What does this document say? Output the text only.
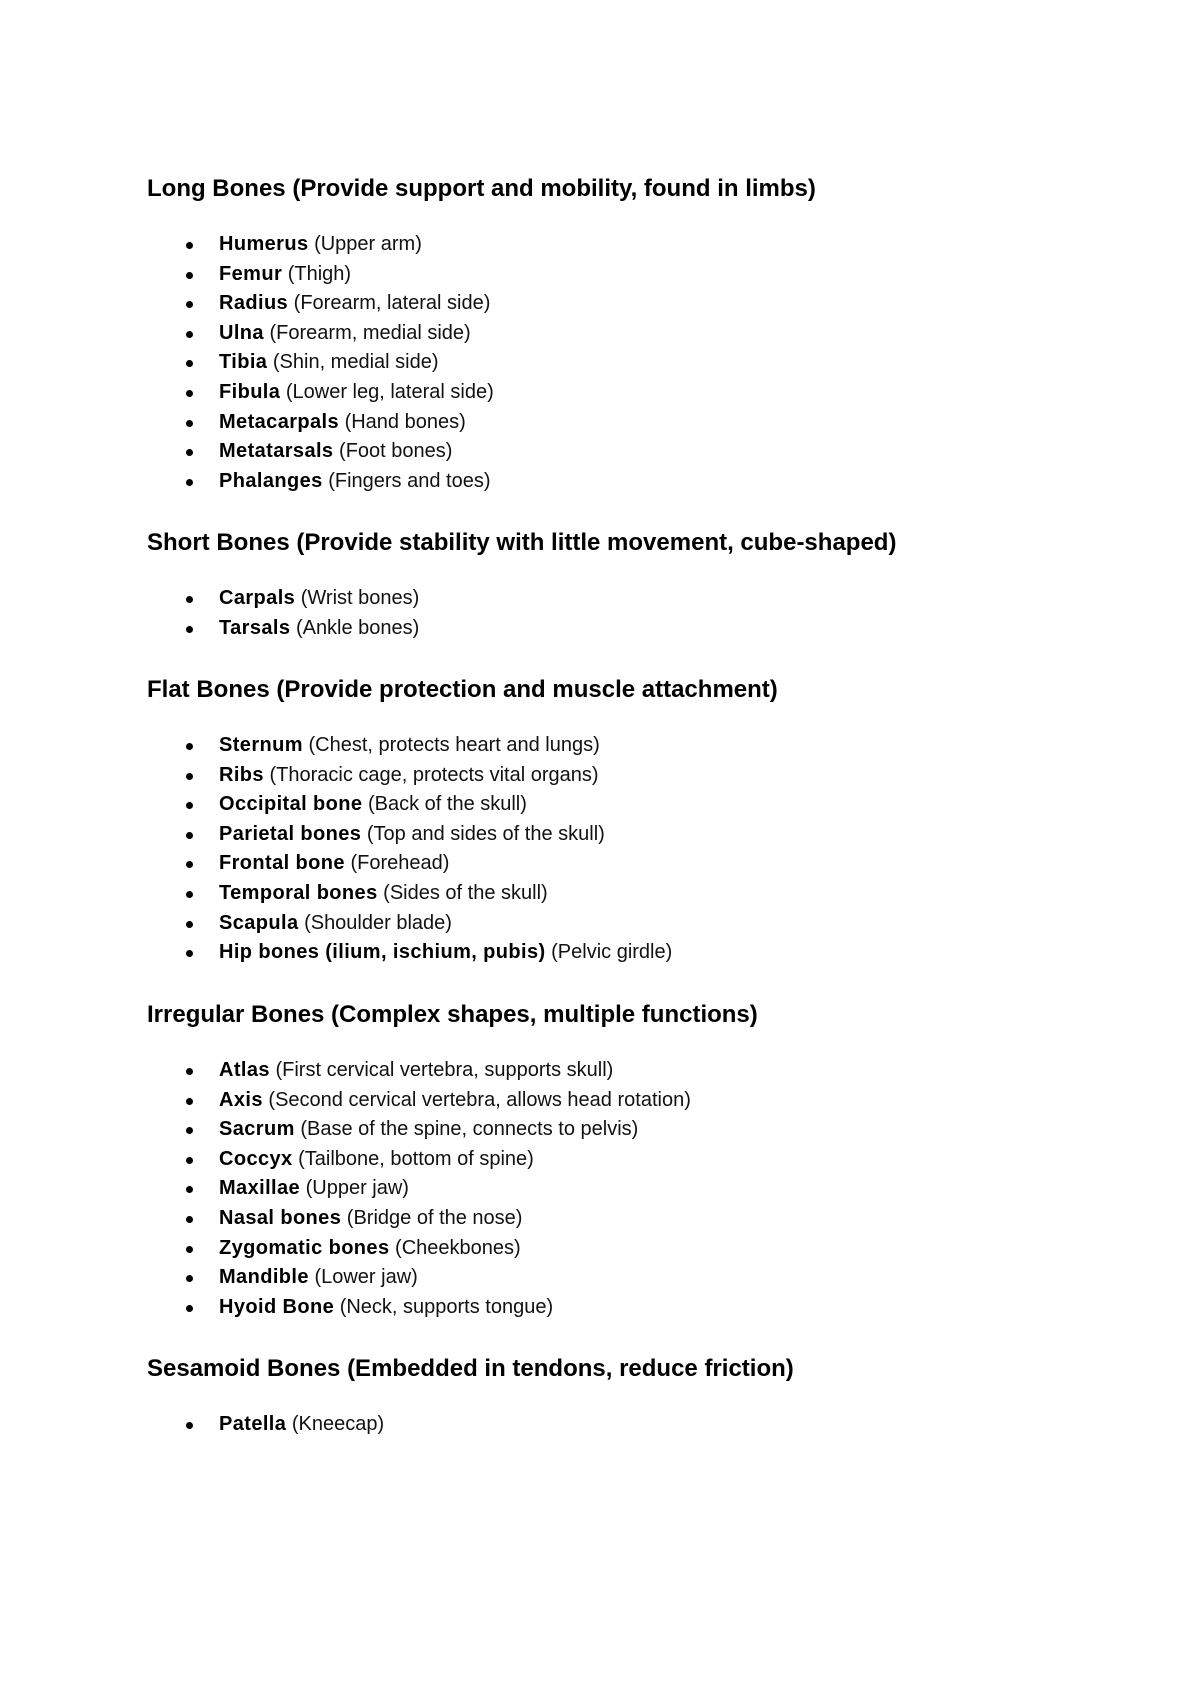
Long Bones (Provide support and mobility, found in limbs)
Humerus (Upper arm)
Femur (Thigh)
Radius (Forearm, lateral side)
Ulna (Forearm, medial side)
Tibia (Shin, medial side)
Fibula (Lower leg, lateral side)
Metacarpals (Hand bones)
Metatarsals (Foot bones)
Phalanges (Fingers and toes)
Short Bones (Provide stability with little movement, cube-shaped)
Carpals (Wrist bones)
Tarsals (Ankle bones)
Flat Bones (Provide protection and muscle attachment)
Sternum (Chest, protects heart and lungs)
Ribs (Thoracic cage, protects vital organs)
Occipital bone (Back of the skull)
Parietal bones (Top and sides of the skull)
Frontal bone (Forehead)
Temporal bones (Sides of the skull)
Scapula (Shoulder blade)
Hip bones (ilium, ischium, pubis) (Pelvic girdle)
Irregular Bones (Complex shapes, multiple functions)
Atlas (First cervical vertebra, supports skull)
Axis (Second cervical vertebra, allows head rotation)
Sacrum (Base of the spine, connects to pelvis)
Coccyx (Tailbone, bottom of spine)
Maxillae (Upper jaw)
Nasal bones (Bridge of the nose)
Zygomatic bones (Cheekbones)
Mandible (Lower jaw)
Hyoid Bone (Neck, supports tongue)
Sesamoid Bones (Embedded in tendons, reduce friction)
Patella (Kneecap)
